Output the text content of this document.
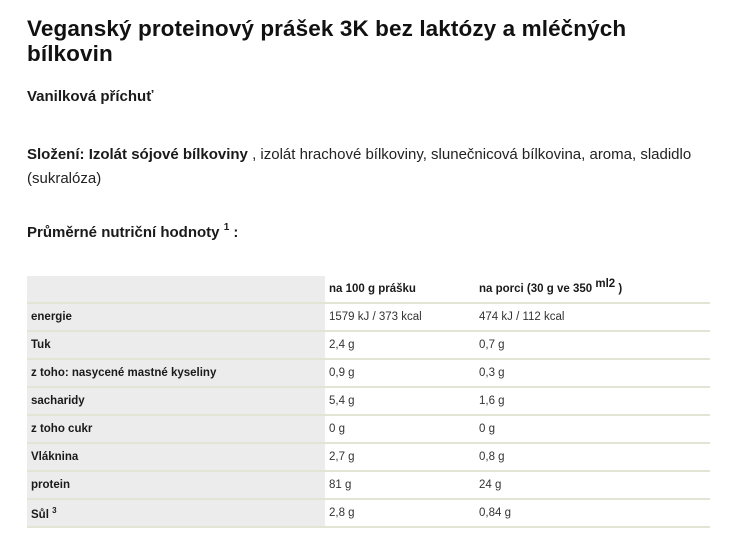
Veganský proteinový prášek 3K bez laktózy a mléčných bílkovin

Vanilková příchuť

Složení: Izolát sójové bílkoviny , izolát hrachové bílkoviny, slunečnicová bílkovina, aroma, sladidlo (sukralóza)

Průměrné nutriční hodnoty $^1$ :

	na 100 g prášku	na porci (30 g ve 350 ml2 )
energie	1579 kJ / 373 kcal	474 kJ / 112 kcal
Tuk	2,4 g	0,7 g
z toho: nasycené mastné kyseliny	0,9 g	0,3 g
sacharidy	5,4 g	1,6 g
z toho cukr	0 g	0 g
Vláknina	2,7 g	0,8 g
protein	81 g	24 g
Sůl $^3$	2,8 g	0,84 g
